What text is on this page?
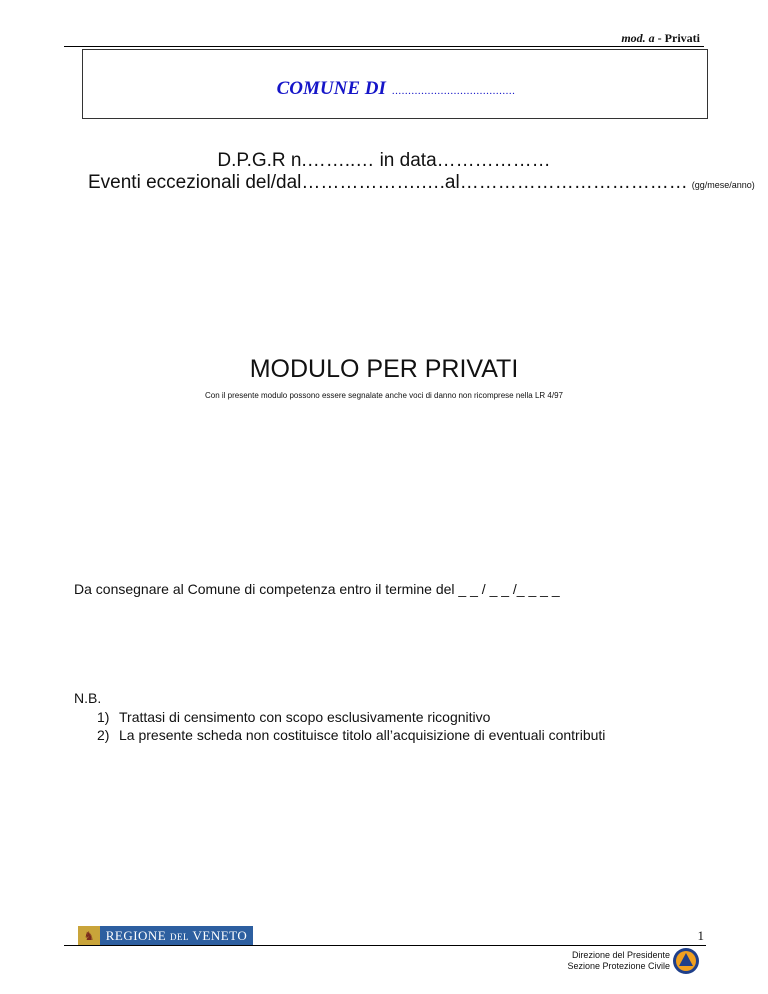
mod. a - Privati
COMUNE DI ......................................
D.P.G.R n.……..… in data………………
Eventi eccezionali del/dal……………….….al……………………………… (gg/mese/anno)
MODULO PER PRIVATI
Con il presente modulo possono essere segnalate anche voci di danno non ricomprese nella LR 4/97
Da consegnare al Comune di competenza entro il termine del _ _ / _ _ /_ _ _ _
N.B.
1) Trattasi di censimento con scopo esclusivamente ricognitivo
2) La presente scheda non costituisce titolo all’acquisizione di eventuali contributi
♞ REGIONE DEL VENETO	1
Direzione del Presidente
Sezione Protezione Civile
